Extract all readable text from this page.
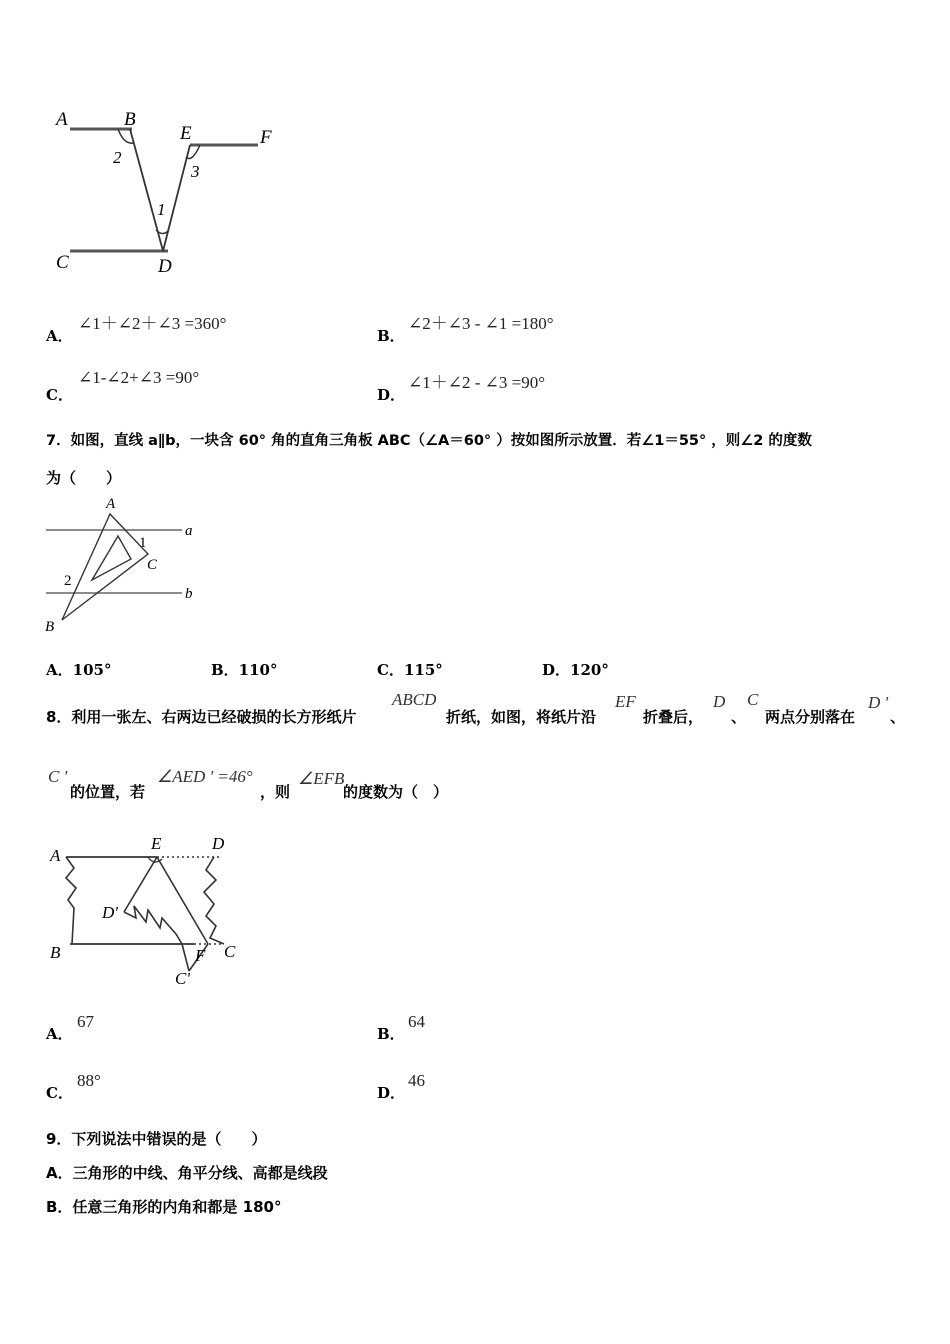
A	B
E	F
C	D
1
2
3
A．
∠1＋∠2＋∠3 =360°
B．
∠2＋∠3 - ∠1 =180°
C．
∠1-∠2+∠3 =90°
D．
∠1＋∠2 - ∠3 =90°
7．如图，直线 a∥b，一块含 60° 角的直角三角板 ABC（∠A＝60° ）按如图所示放置．若∠1＝55° ，则∠2 的度数
为（　　）
A
1
a
C
2
b
B
A．105°	B．110°	C．115°	D．120°
8．利用一张左、右两边已经破损的长方形纸片
ABCD
折纸，如图，将纸片沿
EF
折叠后，
D
、
C
两点分别落在
D '
、
C '
的位置，若
∠AED ' =46°
，则
∠EFB
的度数为（　）
A
E	D
D'
B	F C
C'
A．
67
B．
64
C．
88°
D．
46
9．下列说法中错误的是（　　）
A．三角形的中线、角平分线、高都是线段
B．任意三角形的内角和都是 180°
